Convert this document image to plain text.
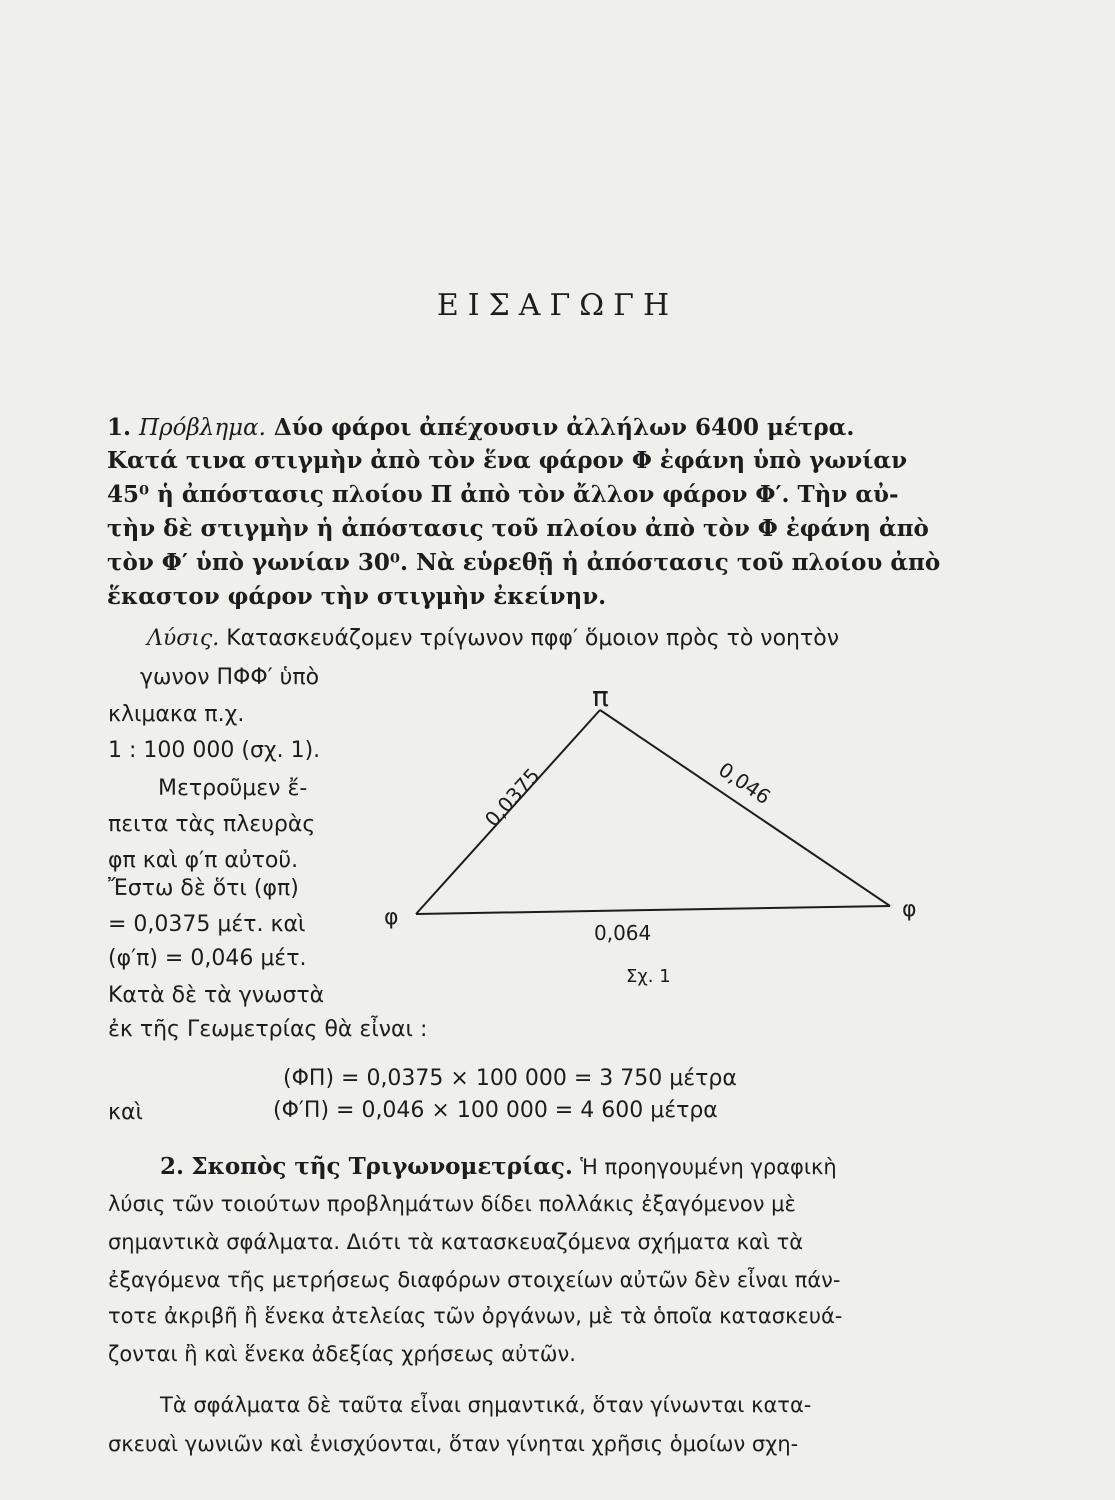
ΕΙΣΑΓΩΓΗ
1. Πρόβλημα. Δύο φάροι ἀπέχουσιν ἀλλήλων 6400 μέτρα.
Κατά τινα στιγμὴν ἀπὸ τὸν ἕνα φάρον Φ ἐφάνη ὑπὸ γωνίαν
45⁰ ἡ ἀπόστασις πλοίου Π ἀπὸ τὸν ἄλλον φάρον Φ′. Τὴν αὐ-
τὴν δὲ στιγμὴν ἡ ἀπόστασις τοῦ πλοίου ἀπὸ τὸν Φ ἐφάνη ἀπὸ
τὸν Φ′ ὑπὸ γωνίαν 30⁰. Νὰ εὑρεθῇ ἡ ἀπόστασις τοῦ πλοίου ἀπὸ
ἕκαστον φάρον τὴν στιγμὴν ἐκείνην.
Λύσις. Κατασκευάζομεν τρίγωνον πφφ′ ὅμοιον πρὸς τὸ νοητὸν
γωνον ΠΦΦ′ ὑπὸ
κλιμακα π.χ.
1 : 100 000 (σχ. 1).
Μετροῦμεν ἔ-
πειτα τὰς πλευρὰς
φπ καὶ φ′π αὐτοῦ.
Ἔστω δὲ ὅτι (φπ)
= 0,0375 μέτ. καὶ
(φ′π) = 0,046 μέτ.
Κατὰ δὲ τὰ γνωστὰ
ἐκ τῆς Γεωμετρίας θὰ εἶναι :
π
φ	φ
0,0375	0,046
0,064
Σχ. 1
(ΦΠ) = 0,0375 × 100 000 = 3 750 μέτρα
καὶ	(Φ′Π) = 0,046 × 100 000 = 4 600 μέτρα
2. Σκοπὸς τῆς Τριγωνομετρίας. Ἡ προηγουμένη γραφικὴ
λύσις τῶν τοιούτων προβλημάτων δίδει πολλάκις ἐξαγόμενον μὲ
σημαντικὰ σφάλματα. Διότι τὰ κατασκευαζόμενα σχήματα καὶ τὰ
ἐξαγόμενα τῆς μετρήσεως διαφόρων στοιχείων αὐτῶν δὲν εἶναι πάν-
τοτε ἀκριβῆ ἢ ἕνεκα ἀτελείας τῶν ὀργάνων, μὲ τὰ ὁποῖα κατασκευά-
ζονται ἢ καὶ ἕνεκα ἀδεξίας χρήσεως αὐτῶν.
Τὰ σφάλματα δὲ ταῦτα εἶναι σημαντικά, ὅταν γίνωνται κατα-
σκευαὶ γωνιῶν καὶ ἐνισχύονται, ὅταν γίνηται χρῆσις ὁμοίων σχη-
